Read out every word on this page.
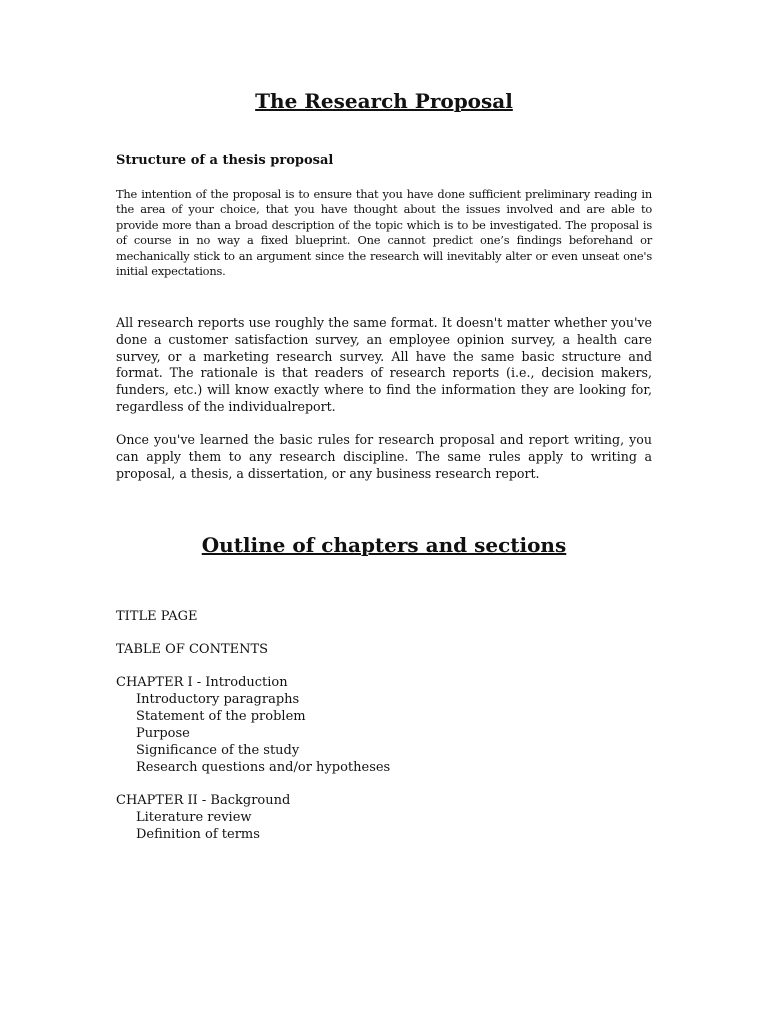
The Research Proposal
Structure of a thesis proposal

The intention of the proposal is to ensure that you have done sufficient preliminary reading in the area of your choice, that you have thought about the issues involved and are able to provide more than a broad description of the topic which is to be investigated. The proposal is of course in no way a fixed blueprint. One cannot predict one’s findings beforehand or mechanically stick to an argument since the research will inevitably alter or even unseat one's initial expectations.

All research reports use roughly the same format. It doesn't matter whether you've done a customer satisfaction survey, an employee opinion survey, a health care survey, or a marketing research survey. All have the same basic structure and format. The rationale is that readers of research reports (i.e., decision makers, funders, etc.) will know exactly where to find the information they are looking for, regardless of the individualreport.

Once you've learned the basic rules for research proposal and report writing, you can apply them to any research discipline. The same rules apply to writing a proposal, a thesis, a dissertation, or any business research report.

Outline of chapters and sections
TITLE PAGE
TABLE OF CONTENTS
CHAPTER I - Introduction
Introductory paragraphs
Statement of the problem
Purpose
Significance of the study
Research questions and/or hypotheses
CHAPTER II - Background
Literature review
Definition of terms
